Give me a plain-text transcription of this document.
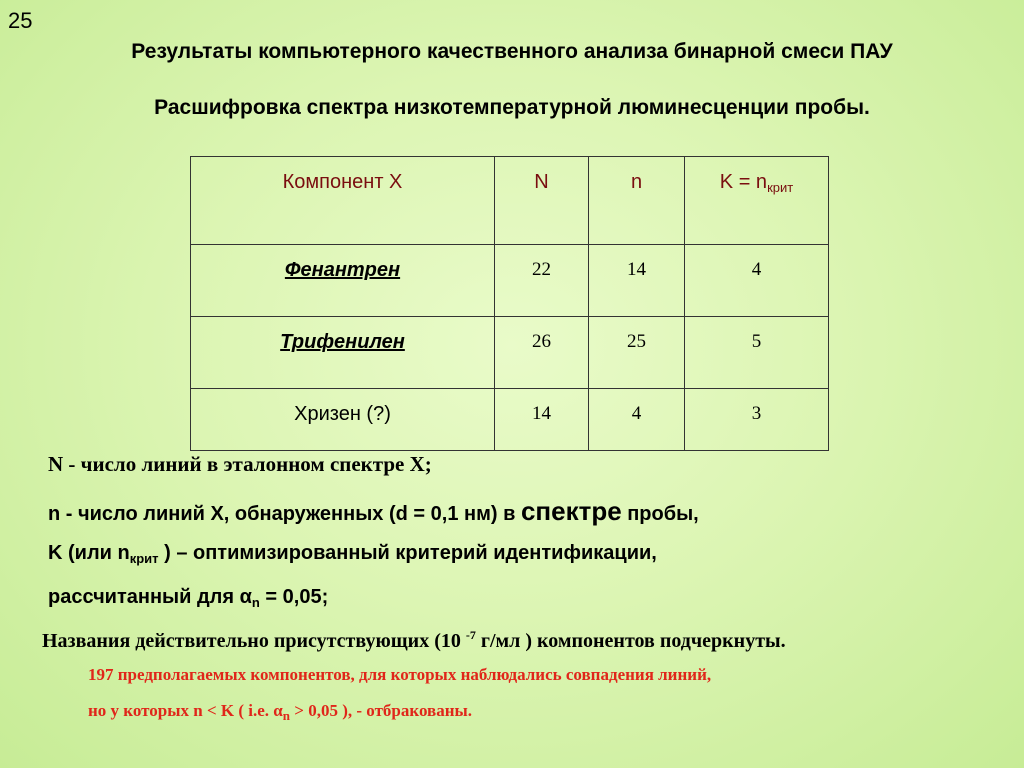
25
Результаты компьютерного качественного анализа бинарной смеси ПАУ
Расшифровка спектра низкотемпературной люминесценции пробы.
Компонент Х	N	n	$K = n_{крит}$
Фенантрен	22	14	4
Трифенилен	26	25	5
Хризен (?)	14	4	3
N - число линий в эталонном спектре Х;
n - число линий Х, обнаруженных (d = 0,1 нм) в спектре пробы,
K (или $n_{крит}$ ) – оптимизированный критерий идентификации,
рассчитанный для $\alpha_n = 0,05$;
Названия действительно присутствующих (10 $^{-7}$ г/мл ) компонентов подчеркнуты.
197 предполагаемых компонентов, для которых наблюдались совпадения линий,
но у которых n < K ( i.e. $\alpha_n > 0,05$ ), - отбракованы.
